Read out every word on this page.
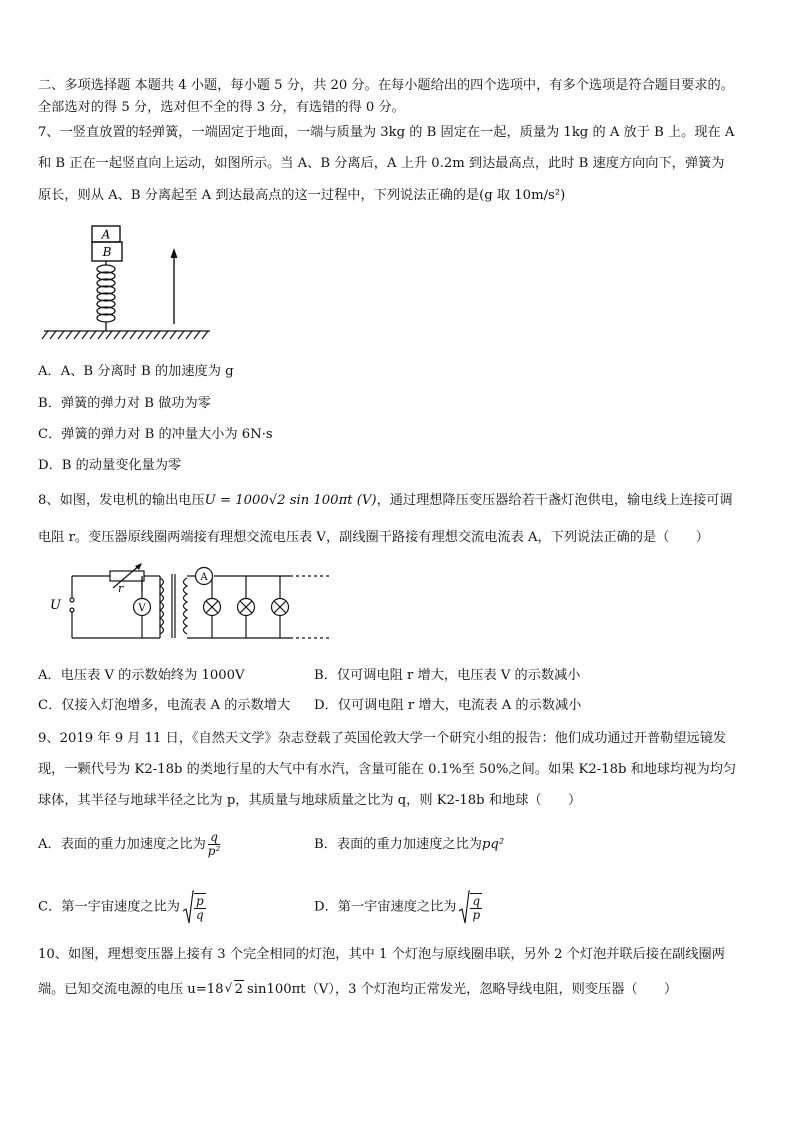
二、多项选择题 本题共 4 小题，每小题 5 分，共 20 分。在每小题给出的四个选项中，有多个选项是符合题目要求的。
全部选对的得 5 分，选对但不全的得 3 分，有选错的得 0 分。
7、一竖直放置的轻弹簧，一端固定于地面，一端与质量为 3kg 的 B 固定在一起，质量为 1kg 的 A 放于 B 上。现在 A
和 B 正在一起竖直向上运动，如图所示。当 A、B 分离后，A 上升 0.2m 到达最高点，此时 B 速度方向向下，弹簧为
原长，则从 A、B 分离起至 A 到达最高点的这一过程中，下列说法正确的是(g 取 10m/s²)
A
B
A．A、B 分离时 B 的加速度为 g
B．弹簧的弹力对 B 做功为零
C．弹簧的弹力对 B 的冲量大小为 6N·s
D．B 的动量变化量为零
8、如图，发电机的输出电压U = 1000√2 sin 100πt (V)，通过理想降压变压器给若干盏灯泡供电，输电线上连接可调
电阻 r。变压器原线圈两端接有理想交流电压表 V，副线圈干路接有理想交流电流表 A，下列说法正确的是（　　）
U
r
V
A
A．电压表 V 的示数始终为 1000V	B．仅可调电阻 r 增大，电压表 V 的示数减小
C．仅接入灯泡增多，电流表 A 的示数增大 D．仅可调电阻 r 增大，电流表 A 的示数减小
9、2019 年 9 月 11 日，《自然天文学》杂志登载了英国伦敦大学一个研究小组的报告：他们成功通过开普勒望远镜发
现，一颗代号为 K2-18b 的类地行星的大气中有水汽，含量可能在 0.1%至 50%之间。如果 K2-18b 和地球均视为均匀
球体，其半径与地球半径之比为 p，其质量与地球质量之比为 q，则 K2-18b 和地球（　　）
A．表面的重力加速度之比为 $\frac{q}{\text{p²}}$	B．表面的重力加速度之比为pq²
C．第一宇宙速度之比为 $\frac{p}{q}$	D．第一宇宙速度之比为 $\frac{q}{p}$
10、如图，理想变压器上接有 3 个完全相同的灯泡，其中 1 个灯泡与原线圈串联，另外 2 个灯泡并联后接在副线圈两
端。已知交流电源的电压 u=18 √ 2 sin100πt（V），3 个灯泡均正常发光，忽略导线电阻，则变压器（　　）
